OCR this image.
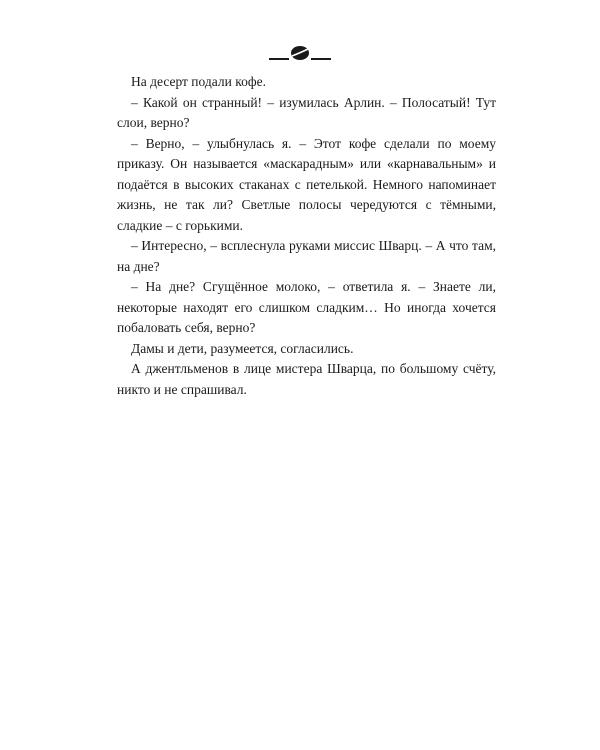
На десерт подали кофе.

– Какой он странный! – изумилась Арлин. – Полосатый! Тут слои, верно?

– Верно, – улыбнулась я. – Этот кофе сделали по моему приказу. Он называется «маскарадным» или «карнавальным» и подаётся в высоких стаканах с петелькой. Немного напоминает жизнь, не так ли? Светлые полосы чередуются с тёмными, сладкие – с горькими.

– Интересно, – всплеснула руками миссис Шварц. – А что там, на дне?

– На дне? Сгущённое молоко, – ответила я. – Знаете ли, некоторые находят его слишком сладким… Но иногда хочется побаловать себя, верно?

Дамы и дети, разумеется, согласились.

А джентльменов в лице мистера Шварца, по большому счёту, никто и не спрашивал.
